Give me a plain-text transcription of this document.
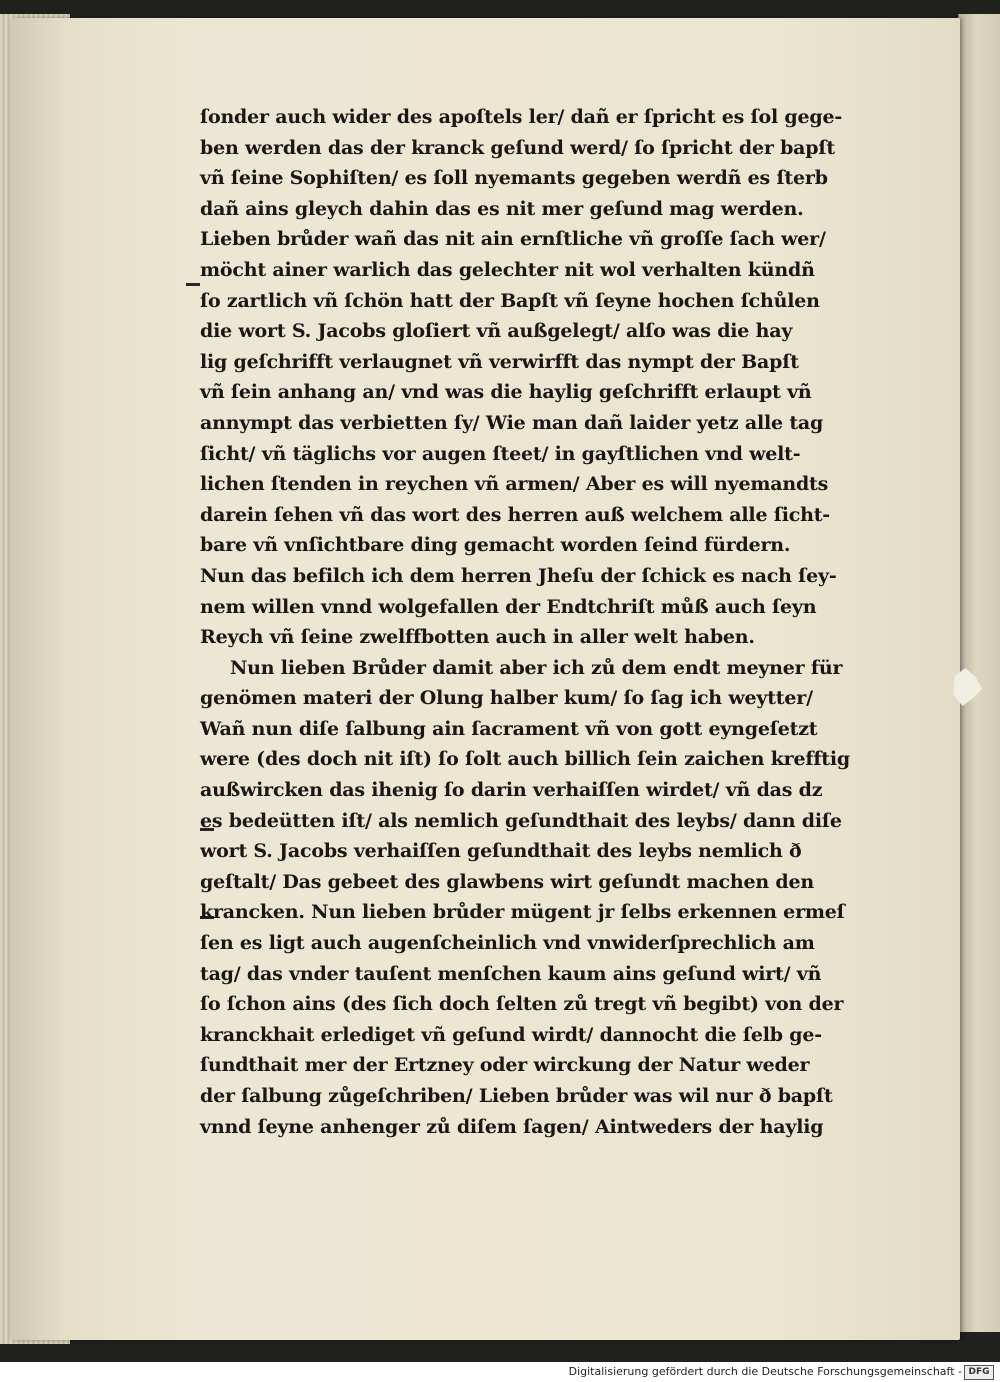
ſonder auch wider des apoſtels ler/ dañ er ſpricht es ſol gege-
ben werden das der kranck geſund werd/ ſo ſpricht der bapſt
vñ ſeine Sophiſten/ es ſoll nyemants gegeben werdñ es ſterb
dañ ains gleych dahin das es nit mer geſund mag werden.
Lieben brůder wañ das nit ain ernſtliche vñ groſſe ſach wer/
möcht ainer warlich das gelechter nit wol verhalten kündñ
ſo zartlich vñ ſchön hatt der Bapſt vñ ſeyne hochen ſchůlen
die wort S. Jacobs gloſiert vñ außgelegt/ alſo was die hay
lig geſchrifft verlaugnet vñ verwirfft das nympt der Bapſt
vñ ſein anhang an/ vnd was die haylig geſchrifft erlaupt vñ
annympt das verbietten ſy/ Wie man dañ laider yetz alle tag
ſicht/ vñ täglichs vor augen ſteet/ in gayſtlichen vnd welt-
lichen ſtenden in reychen vñ armen/ Aber es will nyemandts
darein ſehen vñ das wort des herren auß welchem alle ſicht-
bare vñ vnſichtbare ding gemacht worden ſeind fürdern.
Nun das befilch ich dem herren Jheſu der ſchick es nach ſey-
nem willen vnnd wolgefallen der Endtchriſt můß auch ſeyn
Reych vñ ſeine zwelffbotten auch in aller welt haben.
Nun lieben Brůder damit aber ich zů dem endt meyner für
genömen materi der Olung halber kum/ ſo ſag ich weytter/
Wañ nun diſe ſalbung ain ſacrament vñ von gott eyngeſetzt
were (des doch nit iſt) ſo ſolt auch billich ſein zaichen krefftig
außwircken das ihenig ſo darin verhaiſſen wirdet/ vñ das dz
es bedeütten iſt/ als nemlich geſundthait des leybs/ dann diſe
wort S. Jacobs verhaiſſen geſundthait des leybs nemlich ð
geſtalt/ Das gebeet des glawbens wirt geſundt machen den
krancken. Nun lieben brůder mügent jr ſelbs erkennen ermeſ
ſen es ligt auch augenſcheinlich vnd vnwiderſprechlich am
tag/ das vnder tauſent menſchen kaum ains geſund wirt/ vñ
ſo ſchon ains (des ſich doch ſelten zů tregt vñ begibt) von der
kranckhait erlediget vñ geſund wirdt/ dannocht die ſelb ge-
ſundthait mer der Ertzney oder wirckung der Natur weder
der ſalbung zůgeſchriben/ Lieben brůder was wil nur ð bapſt
vnnd ſeyne anhenger zů diſem ſagen/ Aintweders der haylig
Digitalisierung gefördert durch die Deutsche Forschungsgemeinschaft - DFG
